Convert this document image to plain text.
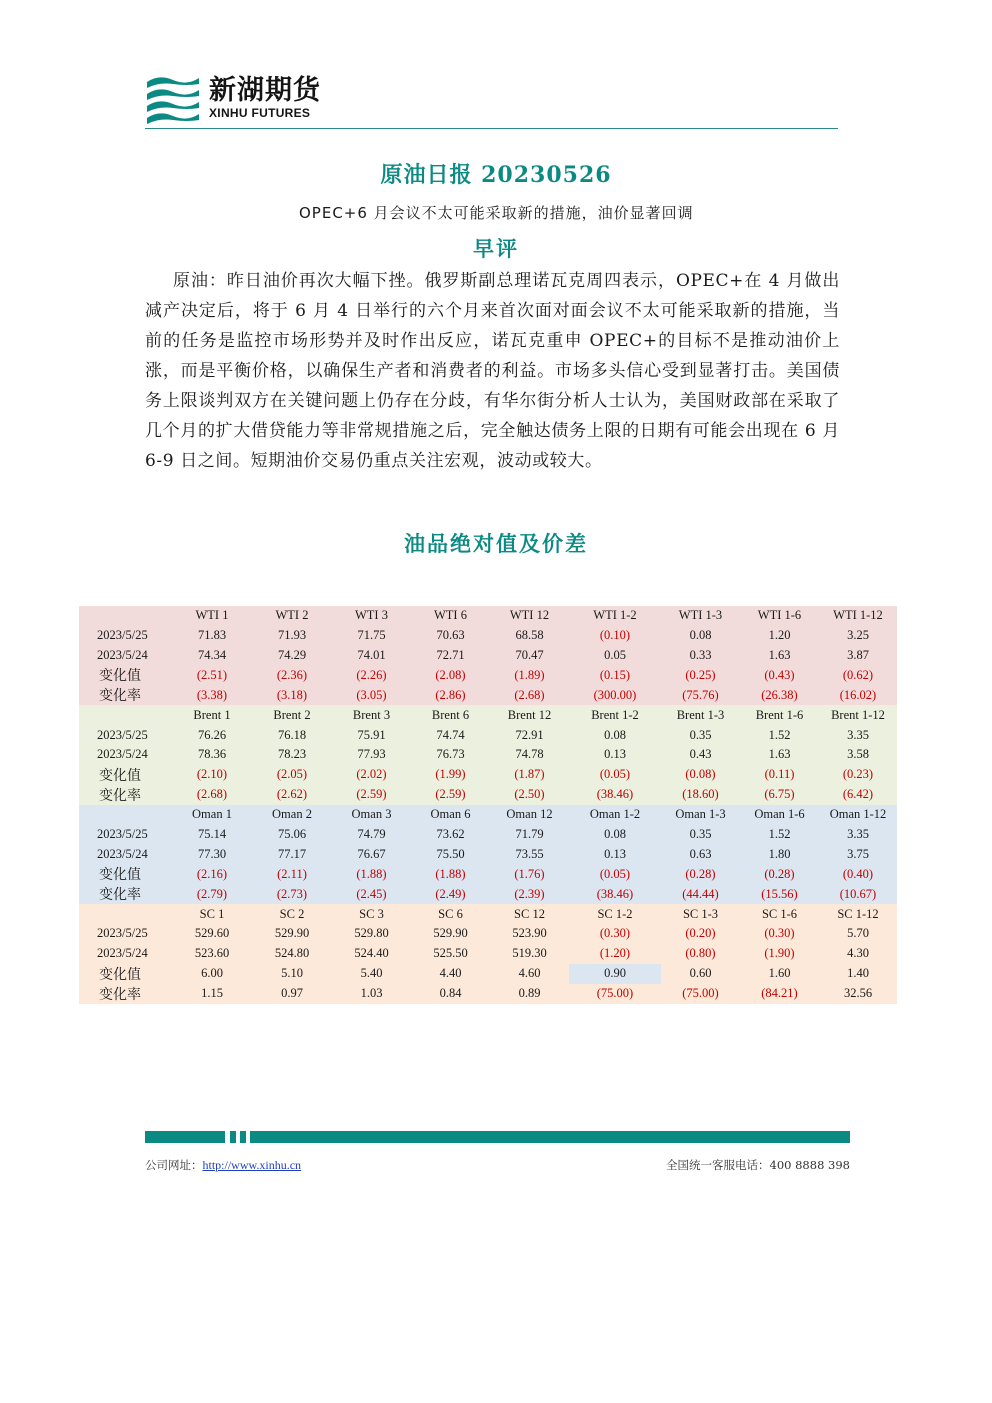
新湖期货
XINHU FUTURES
原油日报 20230526
OPEC+6 月会议不太可能采取新的措施，油价显著回调
早评
原油：昨日油价再次大幅下挫。俄罗斯副总理诺瓦克周四表示，OPEC+在 4 月做出减产决定后，将于 6 月 4 日举行的六个月来首次面对面会议不太可能采取新的措施，当前的任务是监控市场形势并及时作出反应，诺瓦克重申 OPEC+的目标不是推动油价上涨，而是平衡价格，以确保生产者和消费者的利益。市场多头信心受到显著打击。美国债务上限谈判双方在关键问题上仍存在分歧，有华尔街分析人士认为，美国财政部在采取了几个月的扩大借贷能力等非常规措施之后，完全触达债务上限的日期有可能会出现在 6 月 6-9 日之间。短期油价交易仍重点关注宏观，波动或较大。
油品绝对值及价差
	WTI 1	WTI 2	WTI 3	WTI 6	WTI 12	WTI 1-2	WTI 1-3	WTI 1-6	WTI 1-12
2023/5/25	71.83	71.93	71.75	70.63	68.58	(0.10)	0.08	1.20	3.25
2023/5/24	74.34	74.29	74.01	72.71	70.47	0.05	0.33	1.63	3.87
变化值	(2.51)	(2.36)	(2.26)	(2.08)	(1.89)	(0.15)	(0.25)	(0.43)	(0.62)
变化率	(3.38)	(3.18)	(3.05)	(2.86)	(2.68)	(300.00)	(75.76)	(26.38)	(16.02)
	Brent 1	Brent 2	Brent 3	Brent 6	Brent 12	Brent 1-2	Brent 1-3	Brent 1-6	Brent 1-12
2023/5/25	76.26	76.18	75.91	74.74	72.91	0.08	0.35	1.52	3.35
2023/5/24	78.36	78.23	77.93	76.73	74.78	0.13	0.43	1.63	3.58
变化值	(2.10)	(2.05)	(2.02)	(1.99)	(1.87)	(0.05)	(0.08)	(0.11)	(0.23)
变化率	(2.68)	(2.62)	(2.59)	(2.59)	(2.50)	(38.46)	(18.60)	(6.75)	(6.42)
	Oman 1	Oman 2	Oman 3	Oman 6	Oman 12	Oman 1-2	Oman 1-3	Oman 1-6	Oman 1-12
2023/5/25	75.14	75.06	74.79	73.62	71.79	0.08	0.35	1.52	3.35
2023/5/24	77.30	77.17	76.67	75.50	73.55	0.13	0.63	1.80	3.75
变化值	(2.16)	(2.11)	(1.88)	(1.88)	(1.76)	(0.05)	(0.28)	(0.28)	(0.40)
变化率	(2.79)	(2.73)	(2.45)	(2.49)	(2.39)	(38.46)	(44.44)	(15.56)	(10.67)
	SC 1	SC 2	SC 3	SC 6	SC 12	SC 1-2	SC 1-3	SC 1-6	SC 1-12
2023/5/25	529.60	529.90	529.80	529.90	523.90	(0.30)	(0.20)	(0.30)	5.70
2023/5/24	523.60	524.80	524.40	525.50	519.30	(1.20)	(0.80)	(1.90)	4.30
变化值	6.00	5.10	5.40	4.40	4.60	0.90	0.60	1.60	1.40
变化率	1.15	0.97	1.03	0.84	0.89	(75.00)	(75.00)	(84.21)	32.56
公司网址：http://www.xinhu.cn	全国统一客服电话：400 8888 398
